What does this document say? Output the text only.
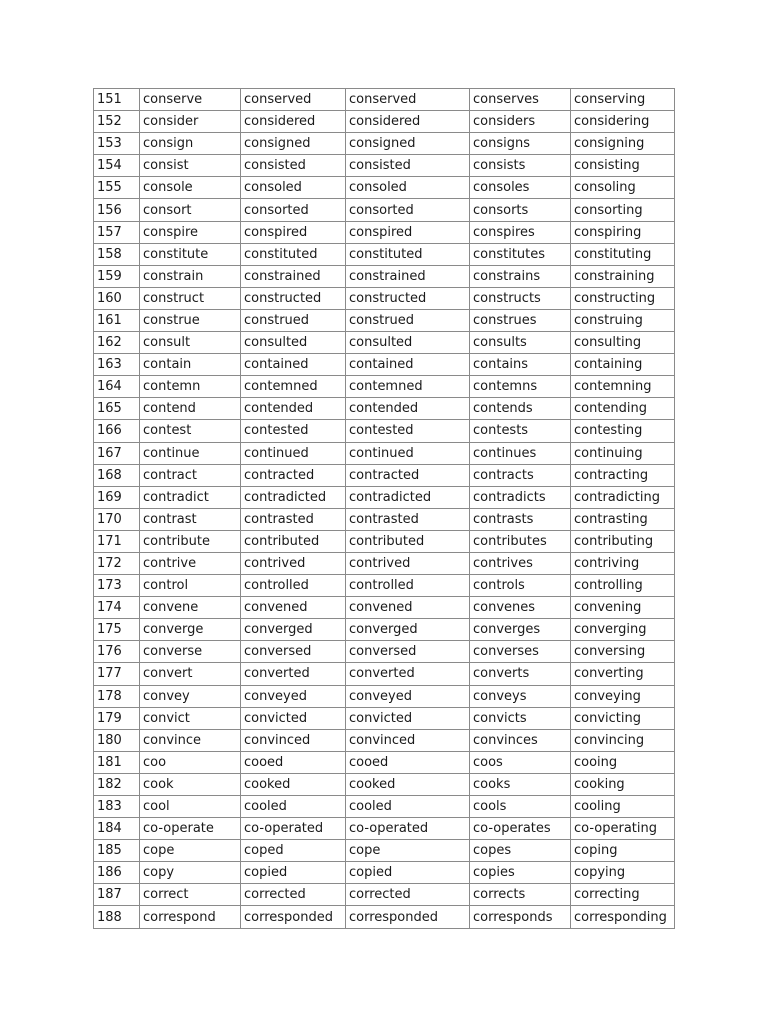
151	conserve	conserved	conserved	conserves	conserving
152	consider	considered	considered	considers	considering
153	consign	consigned	consigned	consigns	consigning
154	consist	consisted	consisted	consists	consisting
155	console	consoled	consoled	consoles	consoling
156	consort	consorted	consorted	consorts	consorting
157	conspire	conspired	conspired	conspires	conspiring
158	constitute	constituted	constituted	constitutes	constituting
159	constrain	constrained	constrained	constrains	constraining
160	construct	constructed	constructed	constructs	constructing
161	construe	construed	construed	construes	construing
162	consult	consulted	consulted	consults	consulting
163	contain	contained	contained	contains	containing
164	contemn	contemned	contemned	contemns	contemning
165	contend	contended	contended	contends	contending
166	contest	contested	contested	contests	contesting
167	continue	continued	continued	continues	continuing
168	contract	contracted	contracted	contracts	contracting
169	contradict	contradicted	contradicted	contradicts	contradicting
170	contrast	contrasted	contrasted	contrasts	contrasting
171	contribute	contributed	contributed	contributes	contributing
172	contrive	contrived	contrived	contrives	contriving
173	control	controlled	controlled	controls	controlling
174	convene	convened	convened	convenes	convening
175	converge	converged	converged	converges	converging
176	converse	conversed	conversed	converses	conversing
177	convert	converted	converted	converts	converting
178	convey	conveyed	conveyed	conveys	conveying
179	convict	convicted	convicted	convicts	convicting
180	convince	convinced	convinced	convinces	convincing
181	coo	cooed	cooed	coos	cooing
182	cook	cooked	cooked	cooks	cooking
183	cool	cooled	cooled	cools	cooling
184	co-operate	co-operated	co-operated	co-operates	co-operating
185	cope	coped	cope	copes	coping
186	copy	copied	copied	copies	copying
187	correct	corrected	corrected	corrects	correcting
188	correspond	corresponded	corresponded	corresponds	corresponding
